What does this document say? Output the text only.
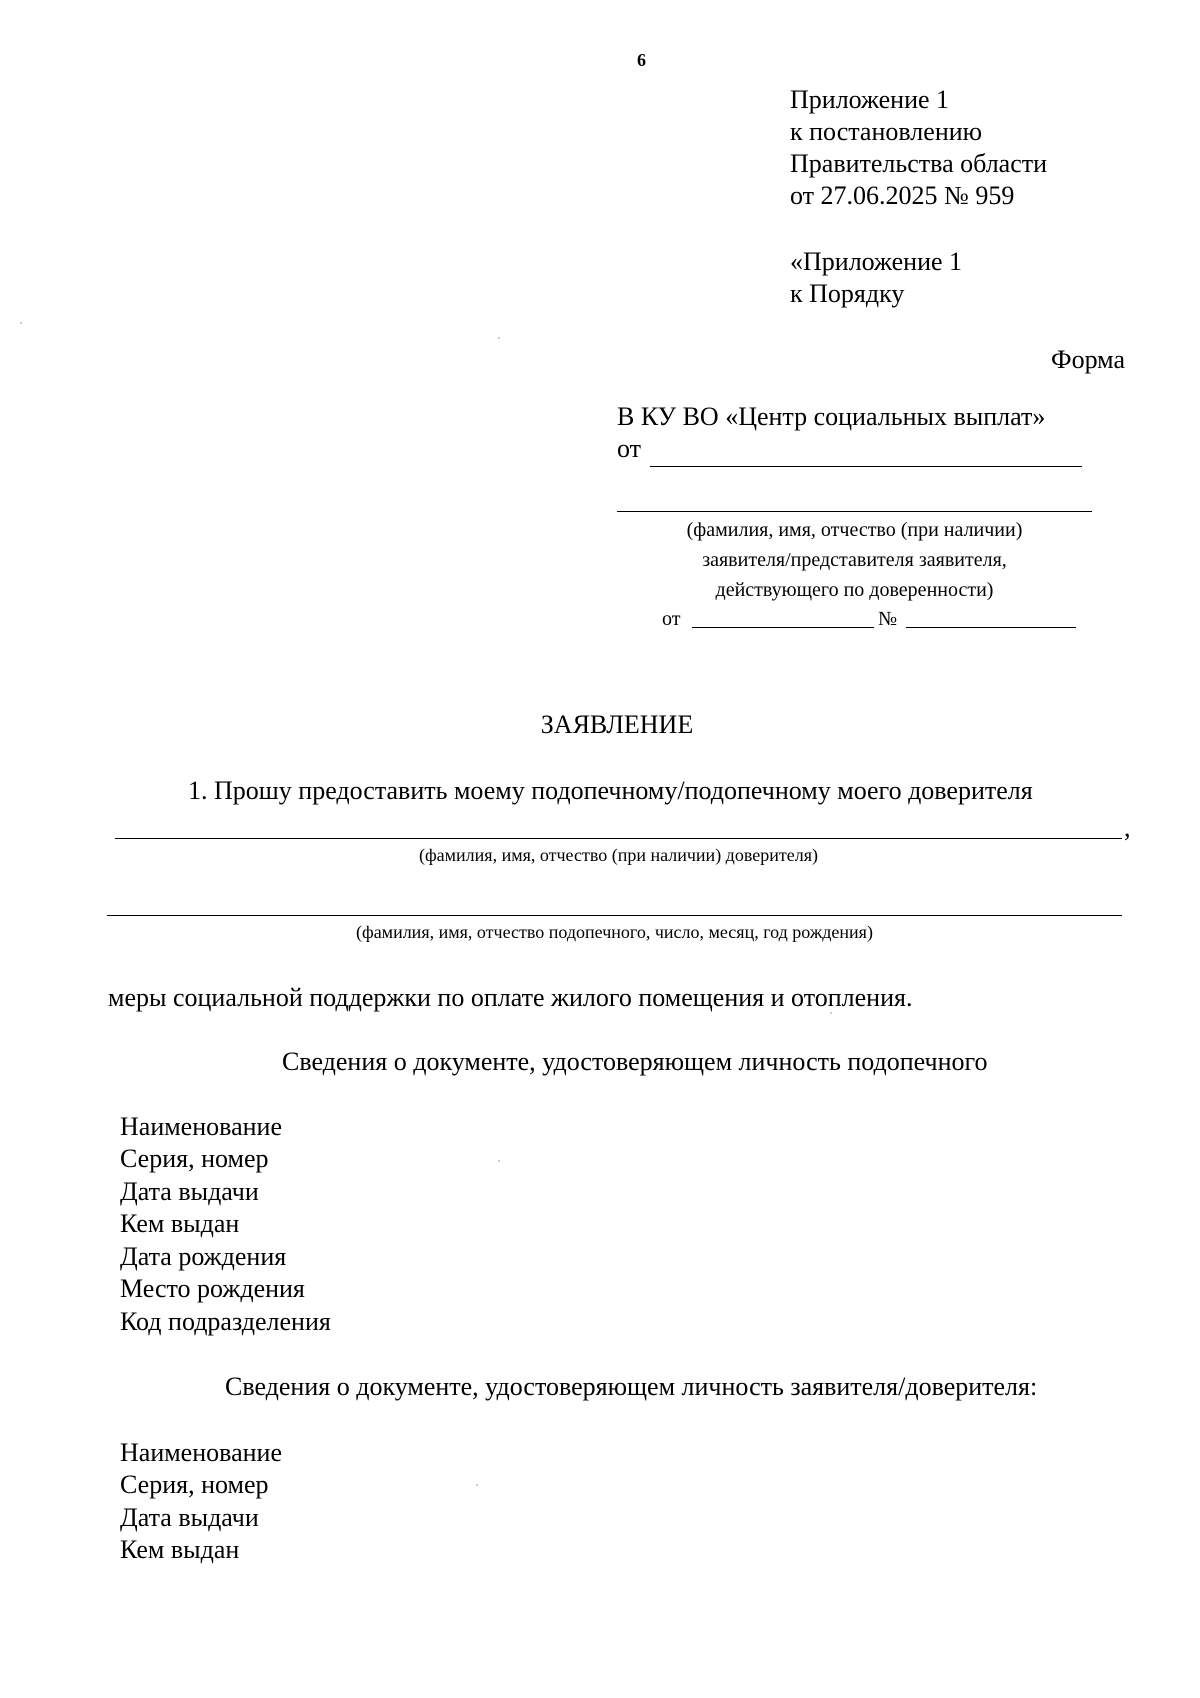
6
Приложение 1
к постановлению
Правительства области
от 27.06.2025 № 959
«Приложение 1
к Порядку
Форма
В КУ ВО «Центр социальных выплат»
от
(фамилия, имя, отчество (при наличии)
заявителя/представителя заявителя,
действующего по доверенности)
от	№
ЗАЯВЛЕНИЕ
1. Прошу предоставить моему подопечному/подопечному моего доверителя
,
(фамилия, имя, отчество (при наличии) доверителя)
(фамилия, имя, отчество подопечного, число, месяц, год рождения)
меры социальной поддержки по оплате жилого помещения и отопления.
Сведения о документе, удостоверяющем личность подопечного
Наименование
Серия, номер
Дата выдачи
Кем выдан
Дата рождения
Место рождения
Код подразделения
Сведения о документе, удостоверяющем личность заявителя/доверителя:
Наименование
Серия, номер
Дата выдачи
Кем выдан
